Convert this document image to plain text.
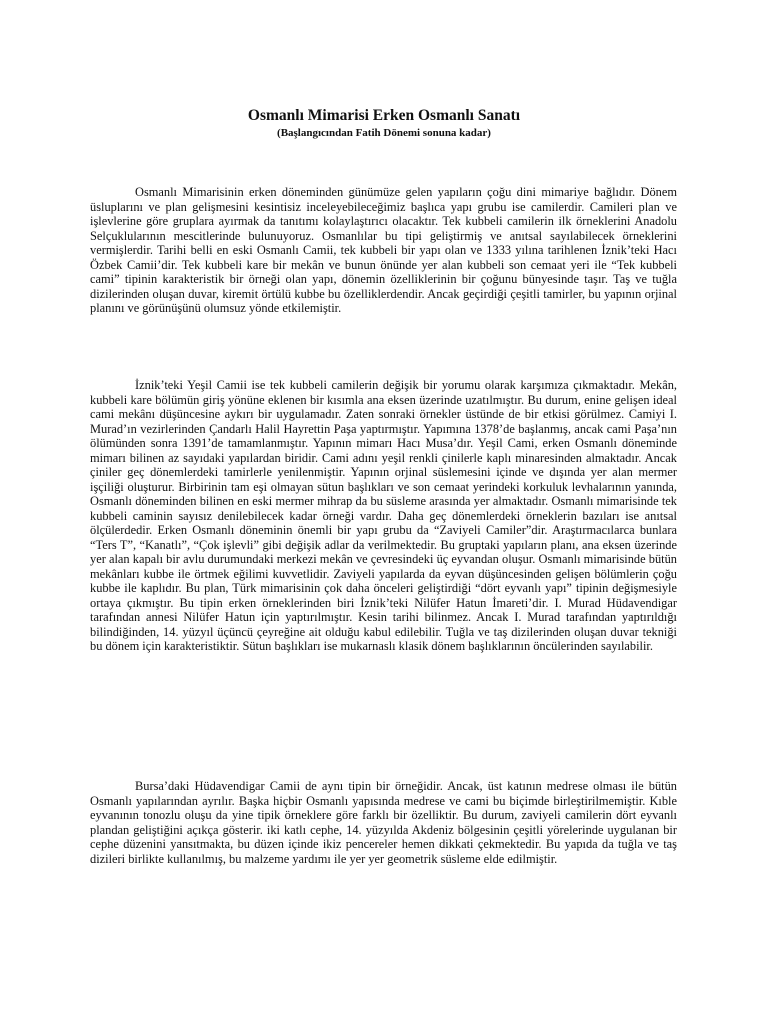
Osmanlı Mimarisi Erken Osmanlı Sanatı
(Başlangıcından Fatih Dönemi sonuna kadar)

Osmanlı Mimarisinin erken döneminden günümüze gelen yapıların çoğu dini mimariye bağlıdır. Dönem üsluplarını ve plan gelişmesini kesintisiz inceleyebileceğimiz başlıca yapı grubu ise camilerdir. Camileri plan ve işlevlerine göre gruplara ayırmak da tanıtımı kolaylaştırıcı olacaktır. Tek kubbeli camilerin ilk örneklerini Anadolu Selçuklularının mescitlerinde bulunuyoruz. Osmanlılar bu tipi geliştirmiş ve anıtsal sayılabilecek örneklerini vermişlerdir. Tarihi belli en eski Osmanlı Camii, tek kubbeli bir yapı olan ve 1333 yılına tarihlenen İznik’teki Hacı Özbek Camii’dir. Tek kubbeli kare bir mekân ve bunun önünde yer alan kubbeli son cemaat yeri ile “Tek kubbeli cami” tipinin karakteristik bir örneği olan yapı, dönemin özelliklerinin bir çoğunu bünyesinde taşır. Taş ve tuğla dizilerinden oluşan duvar, kiremit örtülü kubbe bu özelliklerdendir. Ancak geçirdiği çeşitli tamirler, bu yapının orjinal planını ve görünüşünü olumsuz yönde etkilemiştir.

İznik’teki Yeşil Camii ise tek kubbeli camilerin değişik bir yorumu olarak karşımıza çıkmaktadır. Mekân, kubbeli kare bölümün giriş yönüne eklenen bir kısımla ana eksen üzerinde uzatılmıştır. Bu durum, enine gelişen ideal cami mekânı düşüncesine aykırı bir uygulamadır. Zaten sonraki örnekler üstünde de bir etkisi görülmez. Camiyi I. Murad’ın vezirlerinden Çandarlı Halil Hayrettin Paşa yaptırmıştır. Yapımına 1378’de başlanmış, ancak cami Paşa’nın ölümünden sonra 1391’de tamamlanmıştır. Yapının mimarı Hacı Musa’dır. Yeşil Cami, erken Osmanlı döneminde mimarı bilinen az sayıdaki yapılardan biridir. Cami adını yeşil renkli çinilerle kaplı minaresinden almaktadır. Ancak çiniler geç dönemlerdeki tamirlerle yenilenmiştir. Yapının orjinal süslemesini içinde ve dışında yer alan mermer işçiliği oluşturur. Birbirinin tam eşi olmayan sütun başlıkları ve son cemaat yerindeki korkuluk levhalarının yanında, Osmanlı döneminden bilinen en eski mermer mihrap da bu süsleme arasında yer almaktadır. Osmanlı mimarisinde tek kubbeli caminin sayısız denilebilecek kadar örneği vardır. Daha geç dönemlerdeki örneklerin bazıları ise anıtsal ölçülerdedir. Erken Osmanlı döneminin önemli bir yapı grubu da “Zaviyeli Camiler”dir. Araştırmacılarca bunlara “Ters T”, “Kanatlı”, “Çok işlevli” gibi değişik adlar da verilmektedir. Bu gruptaki yapıların planı, ana eksen üzerinde yer alan kapalı bir avlu durumundaki merkezi mekân ve çevresindeki üç eyvandan oluşur. Osmanlı mimarisinde bütün mekânları kubbe ile örtmek eğilimi kuvvetlidir. Zaviyeli yapılarda da eyvan düşüncesinden gelişen bölümlerin çoğu kubbe ile kaplıdır. Bu plan, Türk mimarisinin çok daha önceleri geliştirdiği “dört eyvanlı yapı” tipinin değişmesiyle ortaya çıkmıştır. Bu tipin erken örneklerinden biri İznik’teki Nilüfer Hatun İmareti’dir. I. Murad Hüdavendigar tarafından annesi Nilüfer Hatun için yaptırılmıştır. Kesin tarihi bilinmez. Ancak I. Murad tarafından yaptırıldığı bilindiğinden, 14. yüzyıl üçüncü çeyreğine ait olduğu kabul edilebilir. Tuğla ve taş dizilerinden oluşan duvar tekniği bu dönem için karakteristiktir. Sütun başlıkları ise mukarnaslı klasik dönem başlıklarının öncülerinden sayılabilir.

Bursa’daki Hüdavendigar Camii de aynı tipin bir örneğidir. Ancak, üst katının medrese olması ile bütün Osmanlı yapılarından ayrılır. Başka hiçbir Osmanlı yapısında medrese ve cami bu biçimde birleştirilmemiştir. Kıble eyvanının tonozlu oluşu da yine tipik örneklere göre farklı bir özelliktir. Bu durum, zaviyeli camilerin dört eyvanlı plandan geliştiğini açıkça gösterir. iki katlı cephe, 14. yüzyılda Akdeniz bölgesinin çeşitli yörelerinde uygulanan bir cephe düzenini yansıtmakta, bu düzen içinde ikiz pencereler hemen dikkati çekmektedir. Bu yapıda da tuğla ve taş dizileri birlikte kullanılmış, bu malzeme yardımı ile yer yer geometrik süsleme elde edilmiştir.
